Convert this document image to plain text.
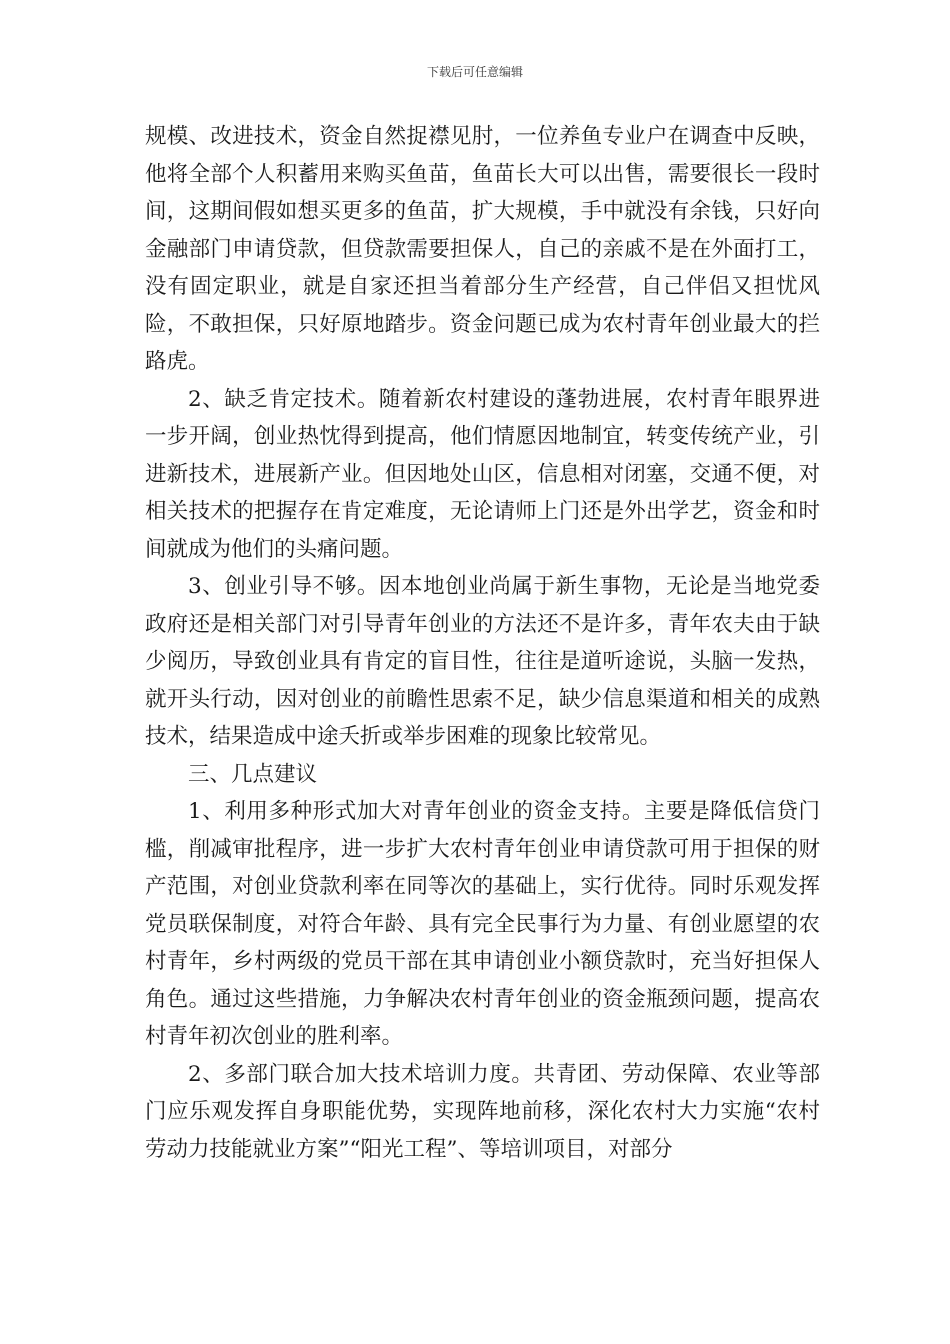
下载后可任意编辑

规模、改进技术，资金自然捉襟见肘，一位养鱼专业户在调查中反映，他将全部个人积蓄用来购买鱼苗，鱼苗长大可以出售，需要很长一段时间，这期间假如想买更多的鱼苗，扩大规模，手中就没有余钱，只好向金融部门申请贷款，但贷款需要担保人，自己的亲戚不是在外面打工，没有固定职业，就是自家还担当着部分生产经营，自己伴侣又担忧风险，不敢担保，只好原地踏步。资金问题已成为农村青年创业最大的拦路虎。

2、缺乏肯定技术。随着新农村建设的蓬勃进展，农村青年眼界进一步开阔，创业热忱得到提高，他们情愿因地制宜，转变传统产业，引进新技术，进展新产业。但因地处山区，信息相对闭塞，交通不便，对相关技术的把握存在肯定难度，无论请师上门还是外出学艺，资金和时间就成为他们的头痛问题。

3、创业引导不够。因本地创业尚属于新生事物，无论是当地党委政府还是相关部门对引导青年创业的方法还不是许多，青年农夫由于缺少阅历，导致创业具有肯定的盲目性，往往是道听途说，头脑一发热，就开头行动，因对创业的前瞻性思索不足，缺少信息渠道和相关的成熟技术，结果造成中途夭折或举步困难的现象比较常见。

三、几点建议

1、利用多种形式加大对青年创业的资金支持。主要是降低信贷门槛，削减审批程序，进一步扩大农村青年创业申请贷款可用于担保的财产范围，对创业贷款利率在同等次的基础上，实行优待。同时乐观发挥党员联保制度，对符合年龄、具有完全民事行为力量、有创业愿望的农村青年，乡村两级的党员干部在其申请创业小额贷款时，充当好担保人角色。通过这些措施，力争解决农村青年创业的资金瓶颈问题，提高农村青年初次创业的胜利率。

2、多部门联合加大技术培训力度。共青团、劳动保障、农业等部门应乐观发挥自身职能优势，实现阵地前移，深化农村大力实施“农村劳动力技能就业方案”“阳光工程”、等培训项目，对部分
